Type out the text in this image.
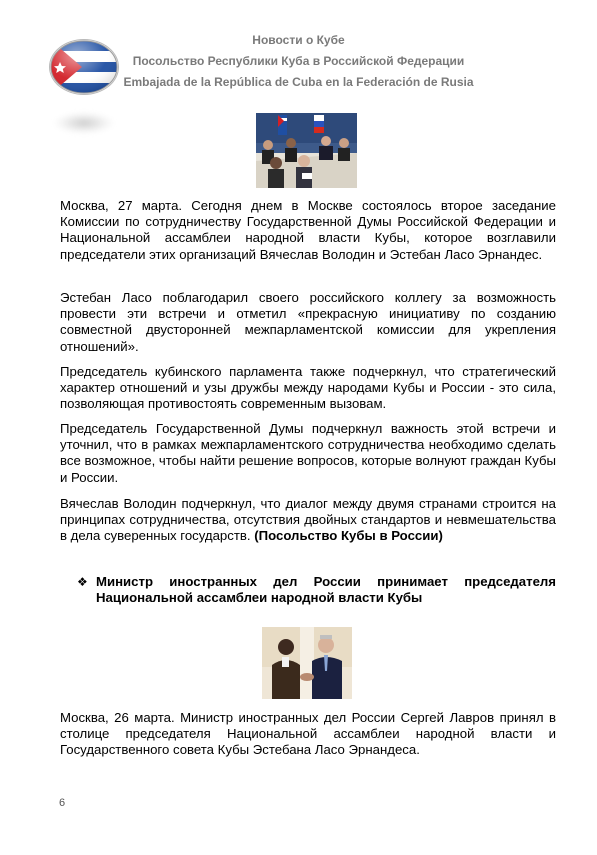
Новости о Кубе
Посольство Республики Куба в Российской Федерации
Embajada de la República de Cuba en la Federación de Rusia

Москва, 27 марта. Сегодня днем в Москве состоялось второе заседание Комиссии по сотрудничеству Государственной Думы Российской Федерации и Национальной ассамблеи народной власти Кубы, которое возглавили председатели этих организаций Вячеслав Володин и Эстебан Ласо Эрнандес.

Эстебан Ласо поблагодарил своего российского коллегу за возможность провести эти встречи и отметил «прекрасную инициативу по созданию совместной двусторонней межпарламентской комиссии для укрепления отношений».

Председатель кубинского парламента также подчеркнул, что стратегический характер отношений и узы дружбы между народами Кубы и России - это сила, позволяющая противостоять современным вызовам.

Председатель Государственной Думы подчеркнул важность этой встречи и уточнил, что в рамках межпарламентского сотрудничества необходимо сделать все возможное, чтобы найти решение вопросов, которые волнуют граждан Кубы и России.

Вячеслав Володин подчеркнул, что диалог между двумя странами строится на принципах сотрудничества, отсутствия двойных стандартов и невмешательства в дела суверенных государств. (Посольство Кубы в России)

❖ Министр иностранных дел России принимает председателя Национальной ассамблеи народной власти Кубы

Москва, 26 марта. Министр иностранных дел России Сергей Лавров принял в столице председателя Национальной ассамблеи народной власти и Государственного совета Кубы Эстебана Ласо Эрнандеса.

6
